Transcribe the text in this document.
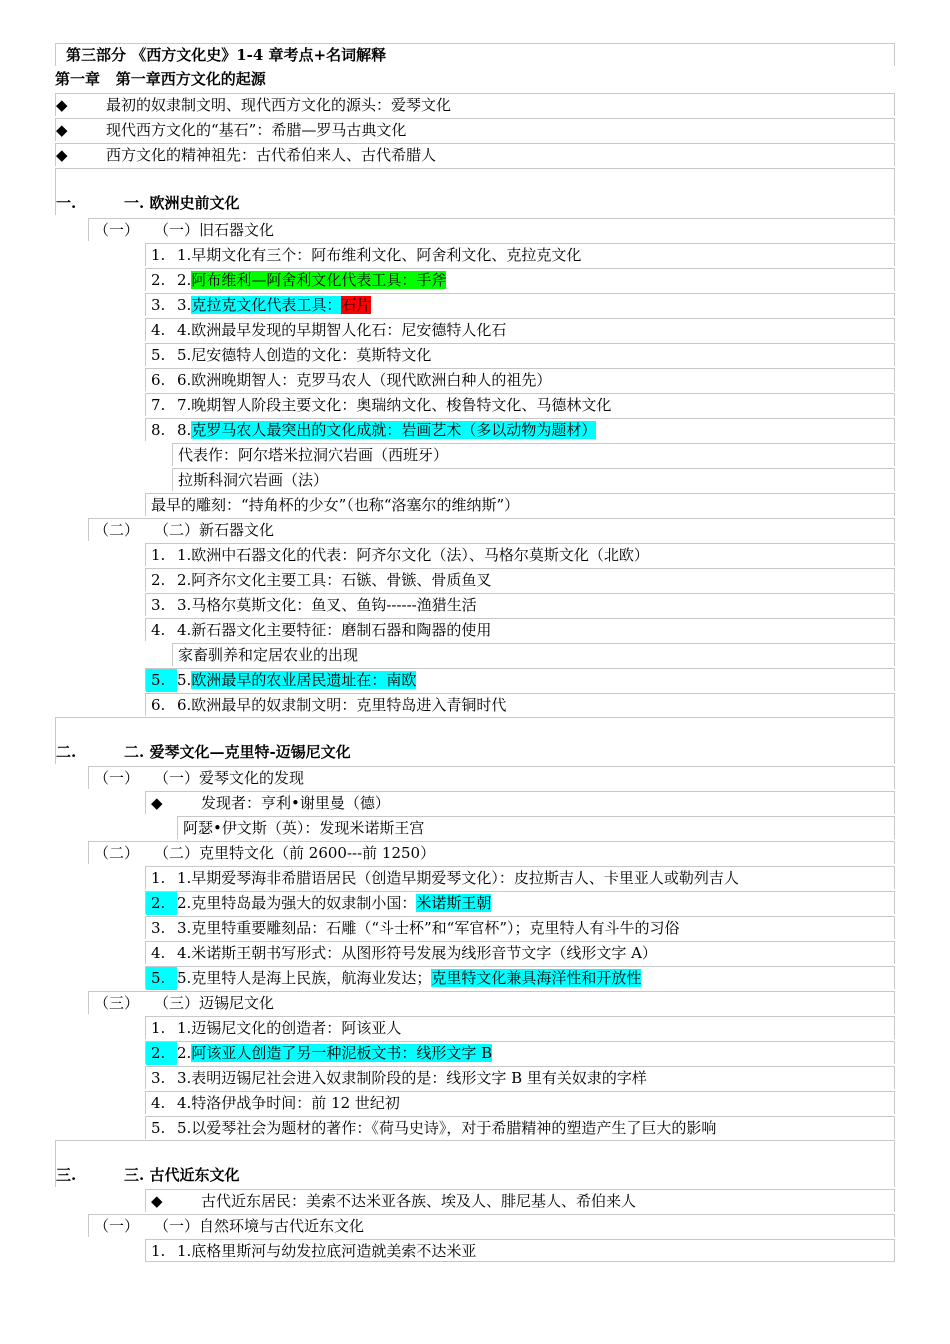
第三部分 《西方文化史》1-4 章考点+名词解释
第一章 第一章西方文化的起源
◆	最初的奴隶制文明、现代西方文化的源头：爱琴文化
◆	现代西方文化的“基石”：希腊—罗马古典文化
◆	西方文化的精神祖先：古代希伯来人、古代希腊人
一.	一. 欧洲史前文化
（一） （一）旧石器文化
1. 1.早期文化有三个：阿布维利文化、阿舍利文化、克拉克文化
2. 2.阿布维利—阿舍利文化代表工具：手斧
3. 3.克拉克文化代表工具：石片
4. 4.欧洲最早发现的早期智人化石：尼安德特人化石
5. 5.尼安德特人创造的文化：莫斯特文化
6. 6.欧洲晚期智人：克罗马农人（现代欧洲白种人的祖先）
7. 7.晚期智人阶段主要文化：奥瑞纳文化、梭鲁特文化、马德林文化
8. 8.克罗马农人最突出的文化成就：岩画艺术（多以动物为题材）
代表作：阿尔塔米拉洞穴岩画（西班牙）
拉斯科洞穴岩画（法）
最早的雕刻：“持角杯的少女”（也称“洛塞尔的维纳斯”）
（二） （二）新石器文化
1. 1.欧洲中石器文化的代表：阿齐尔文化（法）、马格尔莫斯文化（北欧）
2. 2.阿齐尔文化主要工具：石镞、骨镞、骨质鱼叉
3. 3.马格尔莫斯文化：鱼叉、鱼钩------渔猎生活
4. 4.新石器文化主要特征：磨制石器和陶器的使用
家畜驯养和定居农业的出现
5. 5.欧洲最早的农业居民遗址在：南欧
6. 6.欧洲最早的奴隶制文明：克里特岛进入青铜时代
二.	二. 爱琴文化—克里特-迈锡尼文化
（一） （一）爱琴文化的发现
◆	发现者：亨利•谢里曼（德）
阿瑟•伊文斯（英）：发现米诺斯王宫
（二） （二）克里特文化（前 2600---前 1250）
1. 1.早期爱琴海非希腊语居民（创造早期爱琴文化）：皮拉斯吉人、卡里亚人或勒列吉人
2. 2.克里特岛最为强大的奴隶制小国：米诺斯王朝
3. 3.克里特重要雕刻品：石雕（“斗士杯”和“军官杯”）；克里特人有斗牛的习俗
4. 4.米诺斯王朝书写形式：从图形符号发展为线形音节文字（线形文字 A）
5. 5.克里特人是海上民族，航海业发达；克里特文化兼具海洋性和开放性
（三） （三）迈锡尼文化
1. 1.迈锡尼文化的创造者：阿该亚人
2. 2.阿该亚人创造了另一种泥板文书：线形文字 B
3. 3.表明迈锡尼社会进入奴隶制阶段的是：线形文字 B 里有关奴隶的字样
4. 4.特洛伊战争时间：前 12 世纪初
5. 5.以爱琴社会为题材的著作：《荷马史诗》，对于希腊精神的塑造产生了巨大的影响
三.	三. 古代近东文化
◆	古代近东居民：美索不达米亚各族、埃及人、腓尼基人、希伯来人
（一） （一）自然环境与古代近东文化
1. 1.底格里斯河与幼发拉底河造就美索不达米亚
